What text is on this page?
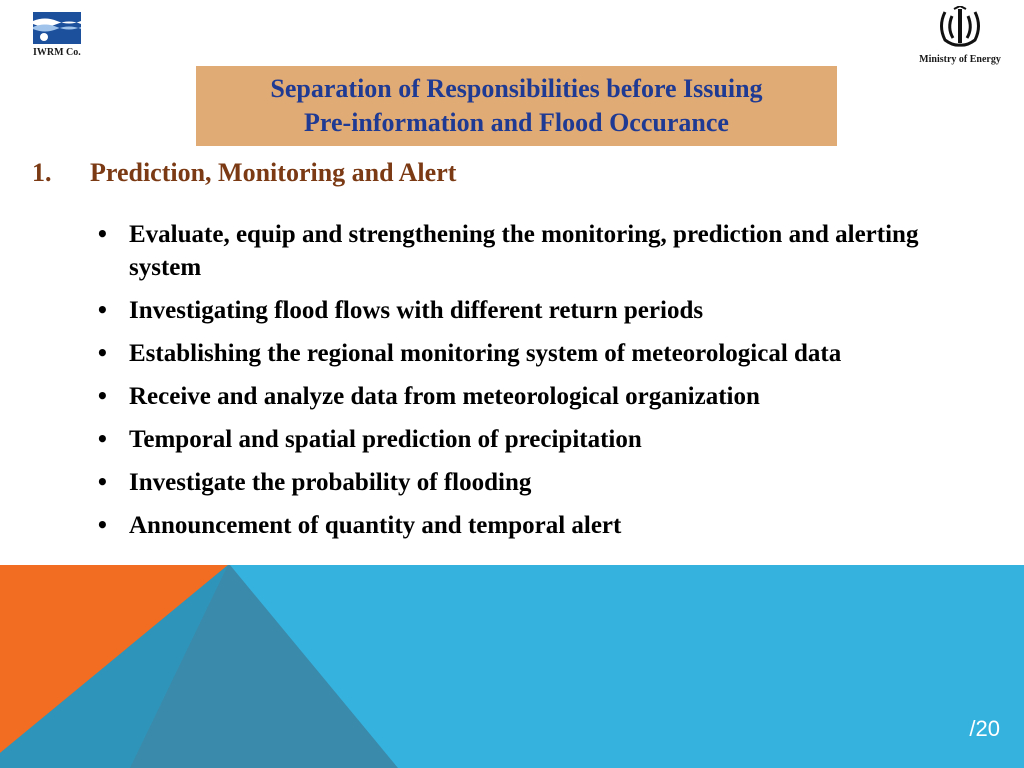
IWRM Co.
Ministry of Energy
Separation of Responsibilities before Issuing
Pre-information and Flood Occurance
1.	Prediction, Monitoring and Alert
• Evaluate, equip and strengthening the monitoring, prediction and alerting system
• Investigating flood flows with different return periods
• Establishing the regional monitoring system of meteorological data
• Receive and analyze data from meteorological organization
• Temporal and spatial prediction of precipitation
• Investigate the probability of flooding
• Announcement of quantity and temporal alert
/20
